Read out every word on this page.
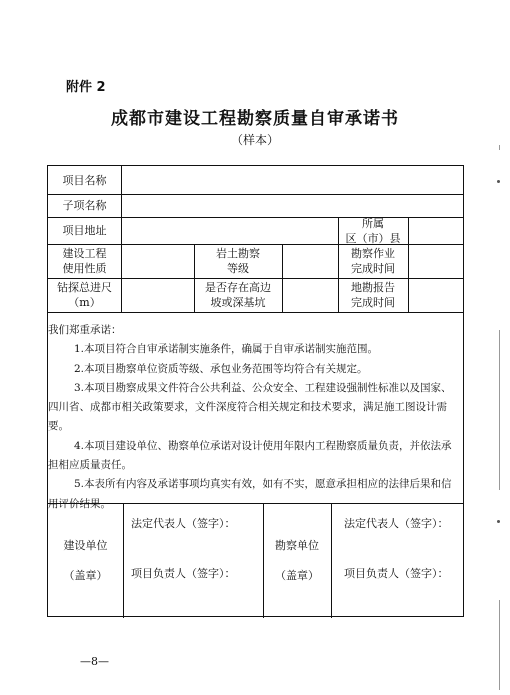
附件 2
成都市建设工程勘察质量自审承诺书
（样本）
项目名称
子项名称
项目地址
所属
区（市）县
建设工程
使用性质
岩土勘察
等级
勘察作业
完成时间
钻探总进尺
（m）
是否存在高边
坡或深基坑
地勘报告
完成时间

我们郑重承诺：

1.本项目符合自审承诺制实施条件，确属于自审承诺制实施范围。

2.本项目勘察单位资质等级、承包业务范围等均符合有关规定。

3.本项目勘察成果文件符合公共利益、公众安全、工程建设强制性标准以及国家、四川省、成都市相关政策要求，文件深度符合相关规定和技术要求，满足施工图设计需要。

4.本项目建设单位、勘察单位承诺对设计使用年限内工程勘察质量负责，并依法承担相应质量责任。

5.本表所有内容及承诺事项均真实有效，如有不实，愿意承担相应的法律后果和信用评价结果。

建设单位

（盖章）
法定代表人（签字）：
项目负责人（签字）：
勘察单位

（盖章）
法定代表人（签字）：
项目负责人（签字）：
—8—
